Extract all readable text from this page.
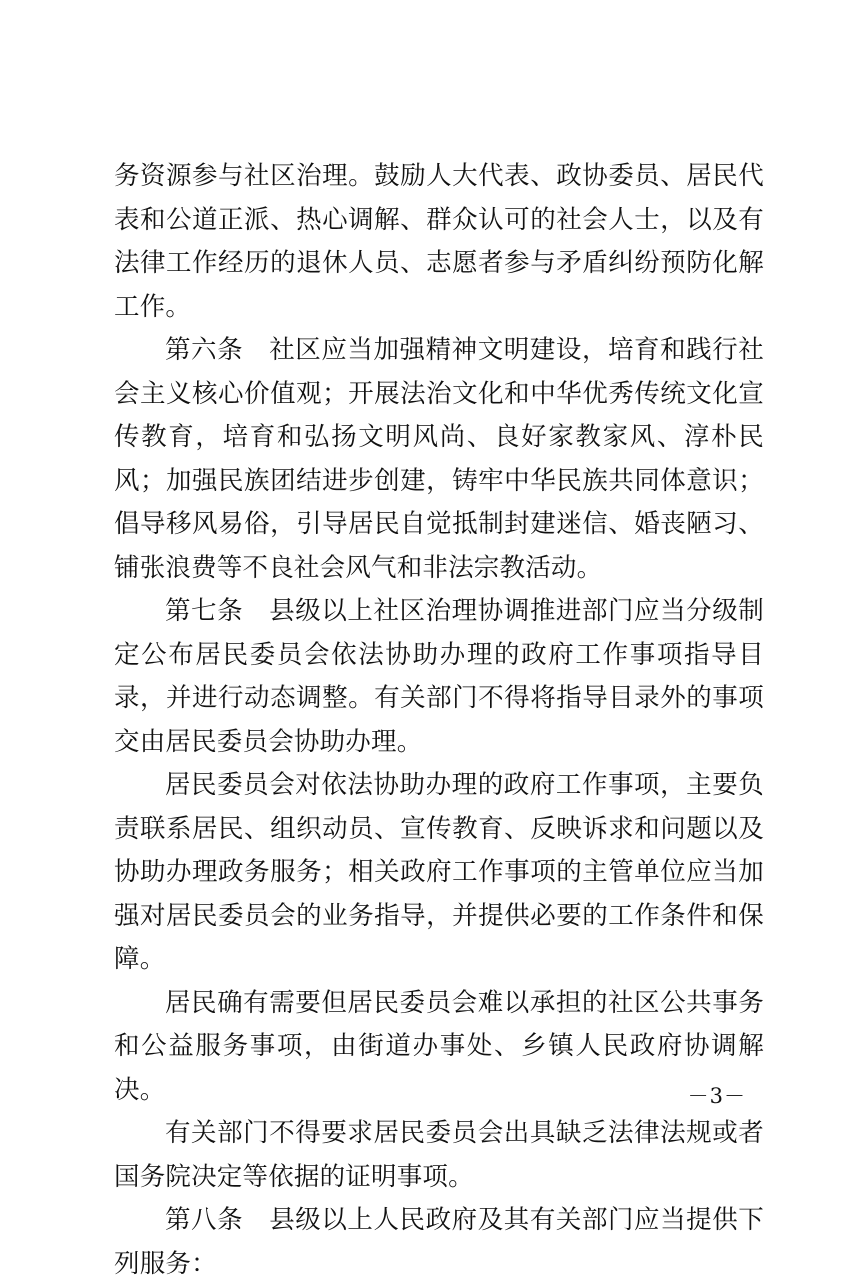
务资源参与社区治理。鼓励人大代表、政协委员、居民代表和公道正派、热心调解、群众认可的社会人士，以及有法律工作经历的退休人员、志愿者参与矛盾纠纷预防化解工作。

第六条　社区应当加强精神文明建设，培育和践行社会主义核心价值观；开展法治文化和中华优秀传统文化宣传教育，培育和弘扬文明风尚、良好家教家风、淳朴民风；加强民族团结进步创建，铸牢中华民族共同体意识；倡导移风易俗，引导居民自觉抵制封建迷信、婚丧陋习、铺张浪费等不良社会风气和非法宗教活动。

第七条　县级以上社区治理协调推进部门应当分级制定公布居民委员会依法协助办理的政府工作事项指导目录，并进行动态调整。有关部门不得将指导目录外的事项交由居民委员会协助办理。

居民委员会对依法协助办理的政府工作事项，主要负责联系居民、组织动员、宣传教育、反映诉求和问题以及协助办理政务服务；相关政府工作事项的主管单位应当加强对居民委员会的业务指导，并提供必要的工作条件和保障。

居民确有需要但居民委员会难以承担的社区公共事务和公益服务事项，由街道办事处、乡镇人民政府协调解决。

有关部门不得要求居民委员会出具缺乏法律法规或者国务院决定等依据的证明事项。

第八条　县级以上人民政府及其有关部门应当提供下列服务：

－3－
